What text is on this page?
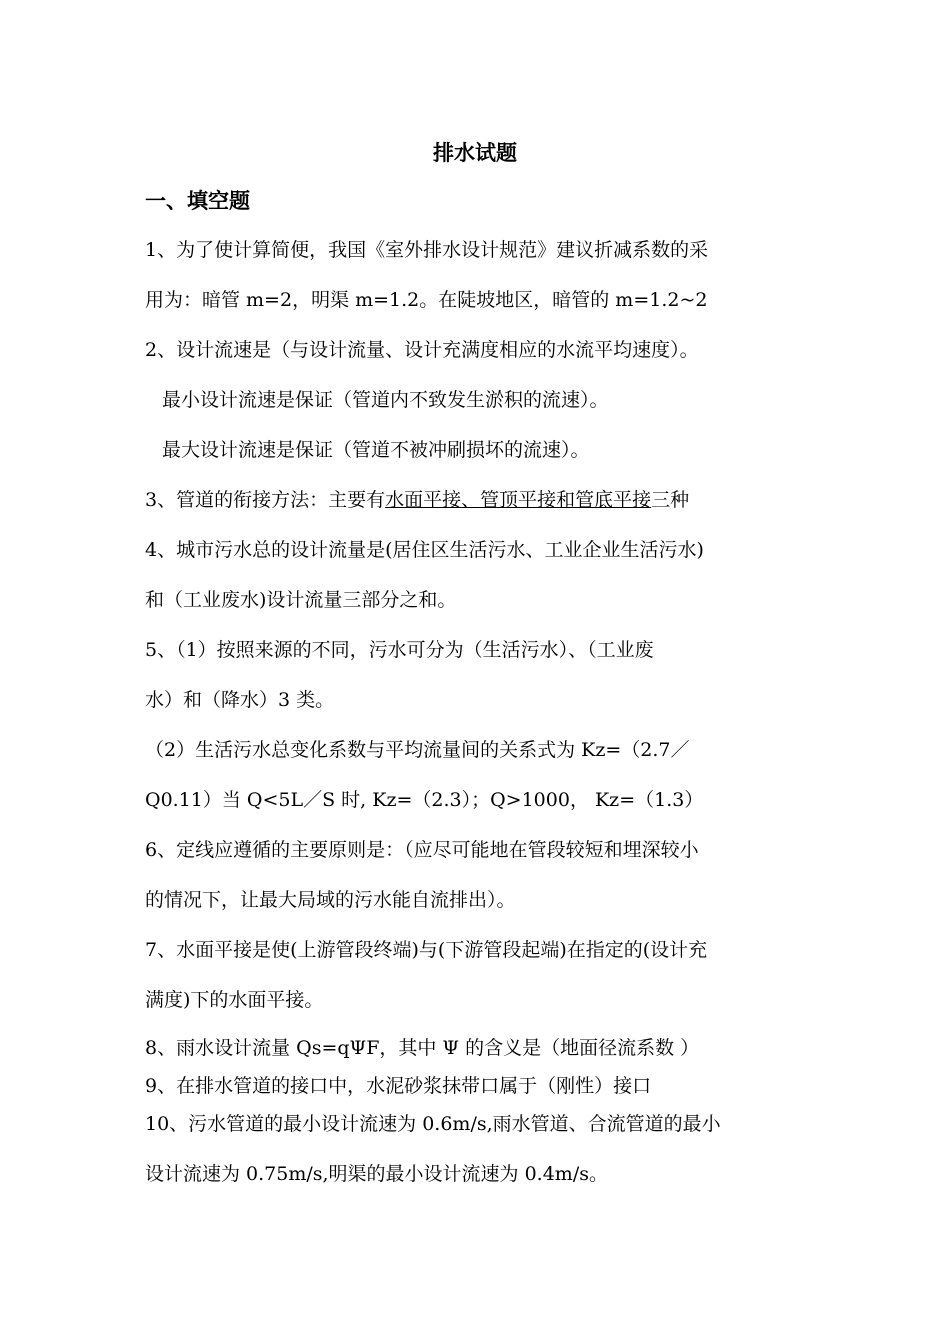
排水试题
一、填空题
1、为了使计算简便，我国《室外排水设计规范》建议折减系数的采
用为：暗管 m=2，明渠 m=1.2。在陡坡地区，暗管的 m=1.2~2
2、设计流速是（与设计流量、设计充满度相应的水流平均速度）。
最小设计流速是保证（管道内不致发生淤积的流速）。
最大设计流速是保证（管道不被冲刷损坏的流速）。
3、管道的衔接方法：主要有水面平接、管顶平接和管底平接三种
4、城市污水总的设计流量是(居住区生活污水、工业企业生活污水)
和（工业废水)设计流量三部分之和。
5、（1）按照来源的不同，污水可分为（生活污水）、（工业废
水）和（降水）3 类。
（2）生活污水总变化系数与平均流量间的关系式为 Kz=（2.7／
Q0.11）当 Q<5L／S 时, Kz=（2.3）；Q>1000， Kz=（1.3）
6、定线应遵循的主要原则是：（应尽可能地在管段较短和埋深较小
的情况下，让最大局域的污水能自流排出）。
7、水面平接是使(上游管段终端)与(下游管段起端)在指定的(设计充
满度)下的水面平接。
8、雨水设计流量 Qs=qΨF，其中 Ψ 的含义是（地面径流系数 ）
9、在排水管道的接口中，水泥砂浆抹带口属于（刚性）接口
10、污水管道的最小设计流速为 0.6m/s,雨水管道、合流管道的最小
设计流速为 0.75m/s,明渠的最小设计流速为 0.4m/s。
